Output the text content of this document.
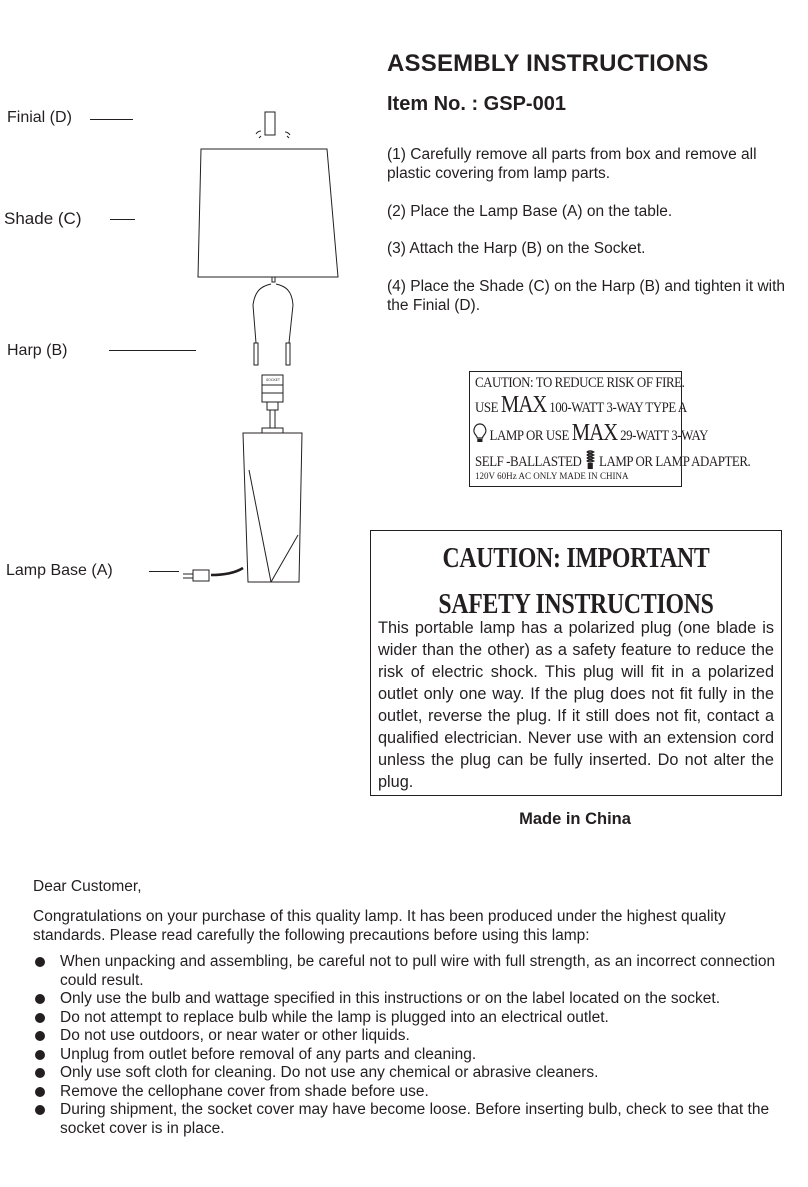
ASSEMBLY INSTRUCTIONS
Item No. : GSP-001
Finial (D)
Shade (C)
Harp (B)
Lamp Base (A)
SOCKET
(1) Carefully remove all parts from box and remove all plastic covering from lamp parts.
(2) Place the Lamp Base (A) on the table.
(3) Attach the Harp (B) on the Socket.
(4) Place the Shade (C) on the Harp (B) and tighten it with the Finial (D).
CAUTION: TO REDUCE RISK OF FIRE.
USE MAX 100-WATT 3-WAY TYPE A
LAMP OR USE MAX 29-WATT 3-WAY
SELF -BALLASTED LAMP OR LAMP ADAPTER.
120V 60Hz AC ONLY MADE IN CHINA
CAUTION: IMPORTANT SAFETY INSTRUCTIONS
This portable lamp has a polarized plug (one blade is wider than the other) as a safety feature to reduce the risk of electric shock. This plug will fit in a polarized outlet only one way. If the plug does not fit fully in the outlet, reverse the plug. If it still does not fit, contact a qualified electrician. Never use with an extension cord unless the plug can be fully inserted. Do not alter the plug.
Made in China
Dear Customer,
Congratulations on your purchase of this quality lamp. It has been produced under the highest quality standards. Please read carefully the following precautions before using this lamp:
When unpacking and assembling, be careful not to pull wire with full strength, as an incorrect connection could result.
Only use the bulb and wattage specified in this instructions or on the label located on the socket.
Do not attempt to replace bulb while the lamp is plugged into an electrical outlet.
Do not use outdoors, or near water or other liquids.
Unplug from outlet before removal of any parts and cleaning.
Only use soft cloth for cleaning. Do not use any chemical or abrasive cleaners.
Remove the cellophane cover from shade before use.
During shipment, the socket cover may have become loose. Before inserting bulb, check to see that the socket cover is in place.
